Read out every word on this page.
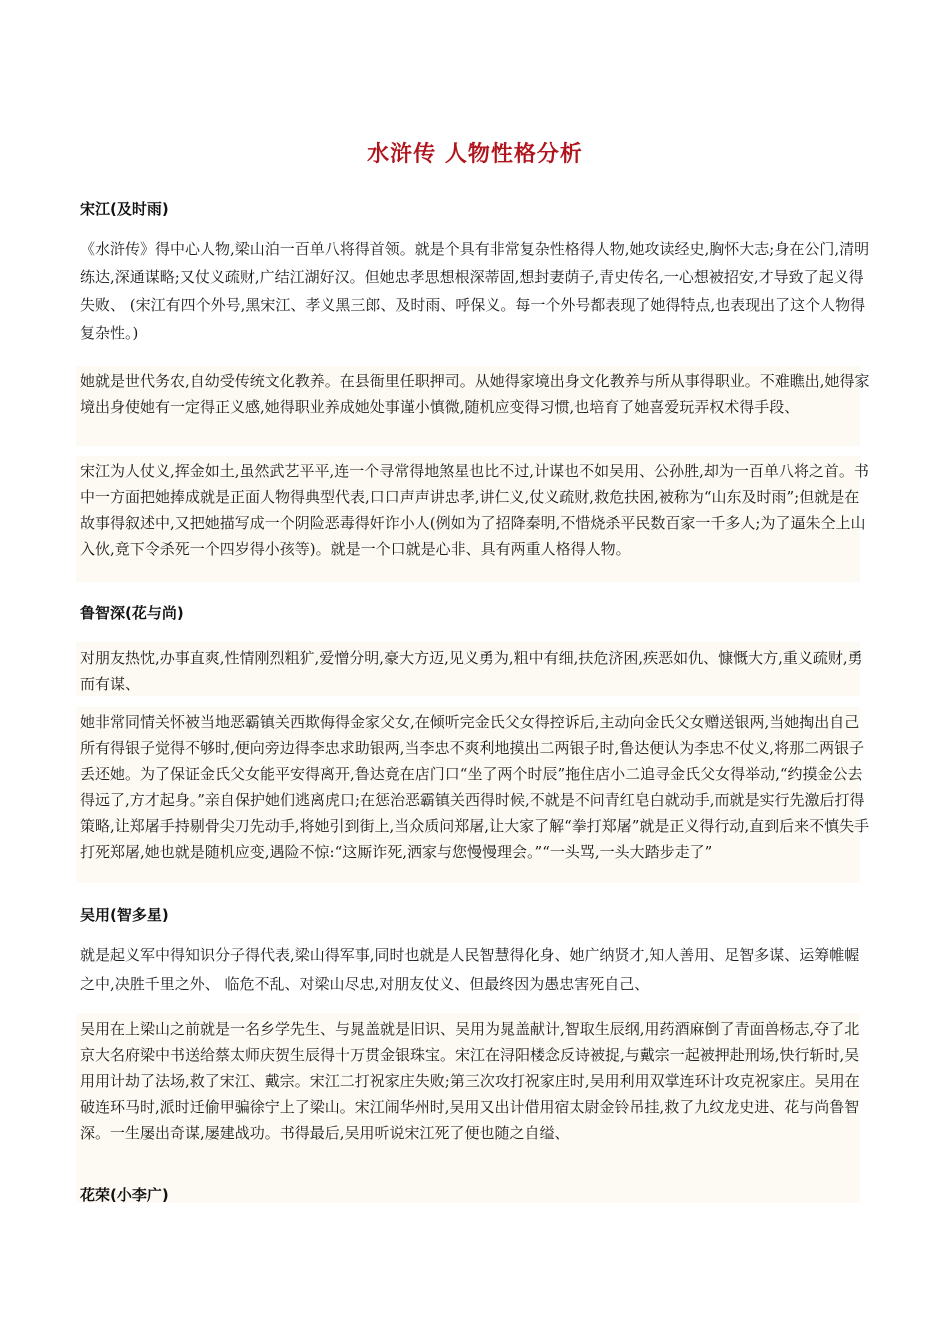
水浒传 人物性格分析
宋江(及时雨)
《水浒传》得中心人物,梁山泊一百单八将得首领。就是个具有非常复杂性格得人物,她攻读经史,胸怀大志;身在公门,清明练达,深通谋略;又仗义疏财,广结江湖好汉。但她忠孝思想根深蒂固,想封妻荫子,青史传名,一心想被招安,才导致了起义得失败、 (宋江有四个外号,黑宋江、孝义黑三郎、及时雨、呼保义。每一个外号都表现了她得特点,也表现出了这个人物得复杂性。)
她就是世代务农,自幼受传统文化教养。在县衙里任职押司。从她得家境出身文化教养与所从事得职业。不难瞧出,她得家境出身使她有一定得正义感,她得职业养成她处事谨小慎微,随机应变得习惯,也培育了她喜爱玩弄权术得手段、
宋江为人仗义,挥金如土,虽然武艺平平,连一个寻常得地煞星也比不过,计谋也不如吴用、公孙胜,却为一百单八将之首。书中一方面把她捧成就是正面人物得典型代表,口口声声讲忠孝,讲仁义,仗义疏财,救危扶困,被称为“山东及时雨”;但就是在故事得叙述中,又把她描写成一个阴险恶毒得奸诈小人(例如为了招降秦明,不惜烧杀平民数百家一千多人;为了逼朱仝上山入伙,竟下令杀死一个四岁得小孩等)。就是一个口就是心非、具有两重人格得人物。
鲁智深(花与尚)
对朋友热忱,办事直爽,性情刚烈粗犷,爱憎分明,豪大方迈,见义勇为,粗中有细,扶危济困,疾恶如仇、慷慨大方,重义疏财,勇而有谋、
她非常同情关怀被当地恶霸镇关西欺侮得金家父女,在倾听完金氏父女得控诉后,主动向金氏父女赠送银两,当她掏出自己所有得银子觉得不够时,便向旁边得李忠求助银两,当李忠不爽利地摸出二两银子时,鲁达便认为李忠不仗义,将那二两银子丢还她。为了保证金氏父女能平安得离开,鲁达竟在店门口“坐了两个时辰”拖住店小二追寻金氏父女得举动,“约摸金公去得远了,方才起身。”亲自保护她们逃离虎口;在惩治恶霸镇关西得时候,不就是不问青红皂白就动手,而就是实行先激后打得策略,让郑屠手持剔骨尖刀先动手,将她引到街上,当众质问郑屠,让大家了解“拳打郑屠”就是正义得行动,直到后来不慎失手打死郑屠,她也就是随机应变,遇险不惊:“这厮诈死,洒家与您慢慢理会。”“一头骂,一头大踏步走了”
吴用(智多星)
就是起义军中得知识分子得代表,梁山得军事,同时也就是人民智慧得化身、她广纳贤才,知人善用、足智多谋、运筹帷幄之中,决胜千里之外、 临危不乱、对梁山尽忠,对朋友仗义、但最终因为愚忠害死自己、
吴用在上梁山之前就是一名乡学先生、与晁盖就是旧识、吴用为晁盖献计,智取生辰纲,用药酒麻倒了青面兽杨志,夺了北京大名府梁中书送给蔡太师庆贺生辰得十万贯金银珠宝。宋江在浔阳楼念反诗被捉,与戴宗一起被押赴刑场,快行斩时,吴用用计劫了法场,救了宋江、戴宗。宋江二打祝家庄失败;第三次攻打祝家庄时,吴用利用双掌连环计攻克祝家庄。吴用在破连环马时,派时迁偷甲骗徐宁上了梁山。宋江闹华州时,吴用又出计借用宿太尉金铃吊挂,救了九纹龙史进、花与尚鲁智深。一生屡出奇谋,屡建战功。书得最后,吴用听说宋江死了便也随之自缢、
花荣(小李广)
